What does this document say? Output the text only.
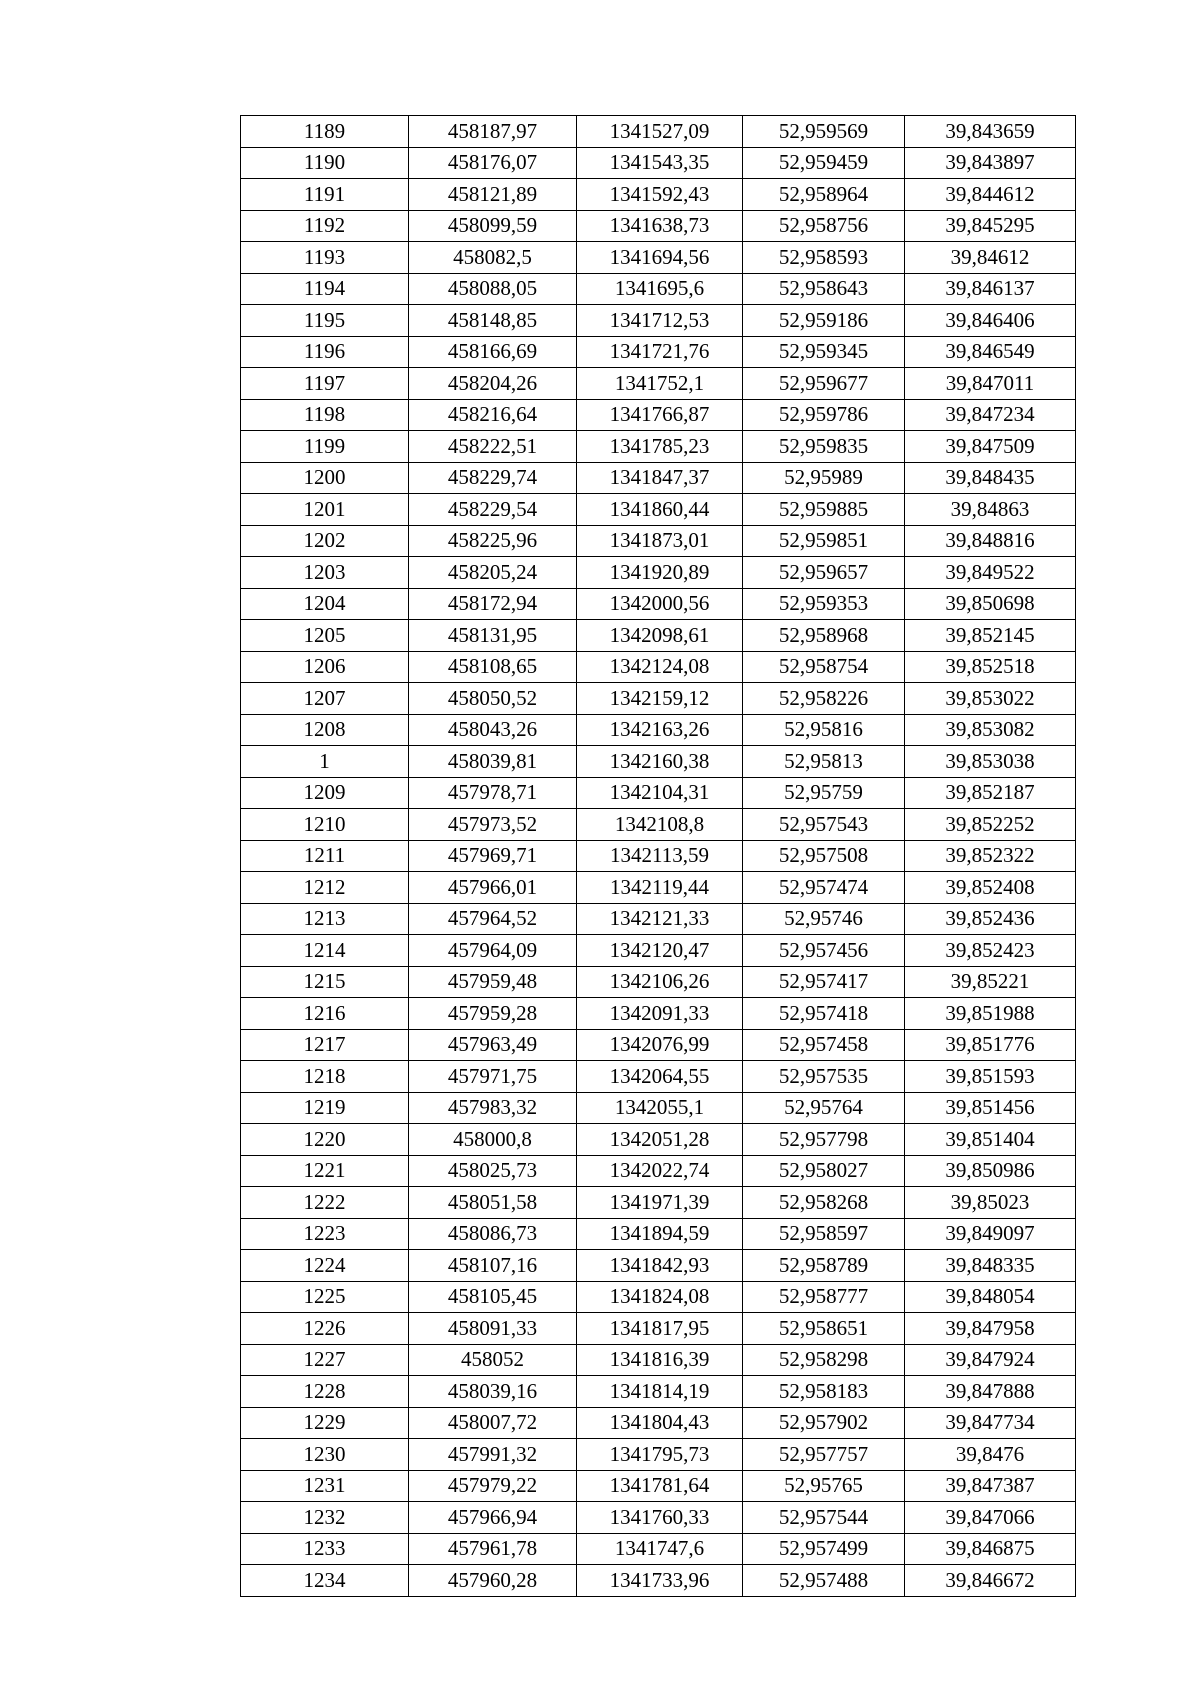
1189	458187,97	1341527,09	52,959569	39,843659
1190	458176,07	1341543,35	52,959459	39,843897
1191	458121,89	1341592,43	52,958964	39,844612
1192	458099,59	1341638,73	52,958756	39,845295
1193	458082,5	1341694,56	52,958593	39,84612
1194	458088,05	1341695,6	52,958643	39,846137
1195	458148,85	1341712,53	52,959186	39,846406
1196	458166,69	1341721,76	52,959345	39,846549
1197	458204,26	1341752,1	52,959677	39,847011
1198	458216,64	1341766,87	52,959786	39,847234
1199	458222,51	1341785,23	52,959835	39,847509
1200	458229,74	1341847,37	52,95989	39,848435
1201	458229,54	1341860,44	52,959885	39,84863
1202	458225,96	1341873,01	52,959851	39,848816
1203	458205,24	1341920,89	52,959657	39,849522
1204	458172,94	1342000,56	52,959353	39,850698
1205	458131,95	1342098,61	52,958968	39,852145
1206	458108,65	1342124,08	52,958754	39,852518
1207	458050,52	1342159,12	52,958226	39,853022
1208	458043,26	1342163,26	52,95816	39,853082
1	458039,81	1342160,38	52,95813	39,853038
1209	457978,71	1342104,31	52,95759	39,852187
1210	457973,52	1342108,8	52,957543	39,852252
1211	457969,71	1342113,59	52,957508	39,852322
1212	457966,01	1342119,44	52,957474	39,852408
1213	457964,52	1342121,33	52,95746	39,852436
1214	457964,09	1342120,47	52,957456	39,852423
1215	457959,48	1342106,26	52,957417	39,85221
1216	457959,28	1342091,33	52,957418	39,851988
1217	457963,49	1342076,99	52,957458	39,851776
1218	457971,75	1342064,55	52,957535	39,851593
1219	457983,32	1342055,1	52,95764	39,851456
1220	458000,8	1342051,28	52,957798	39,851404
1221	458025,73	1342022,74	52,958027	39,850986
1222	458051,58	1341971,39	52,958268	39,85023
1223	458086,73	1341894,59	52,958597	39,849097
1224	458107,16	1341842,93	52,958789	39,848335
1225	458105,45	1341824,08	52,958777	39,848054
1226	458091,33	1341817,95	52,958651	39,847958
1227	458052	1341816,39	52,958298	39,847924
1228	458039,16	1341814,19	52,958183	39,847888
1229	458007,72	1341804,43	52,957902	39,847734
1230	457991,32	1341795,73	52,957757	39,8476
1231	457979,22	1341781,64	52,95765	39,847387
1232	457966,94	1341760,33	52,957544	39,847066
1233	457961,78	1341747,6	52,957499	39,846875
1234	457960,28	1341733,96	52,957488	39,846672
